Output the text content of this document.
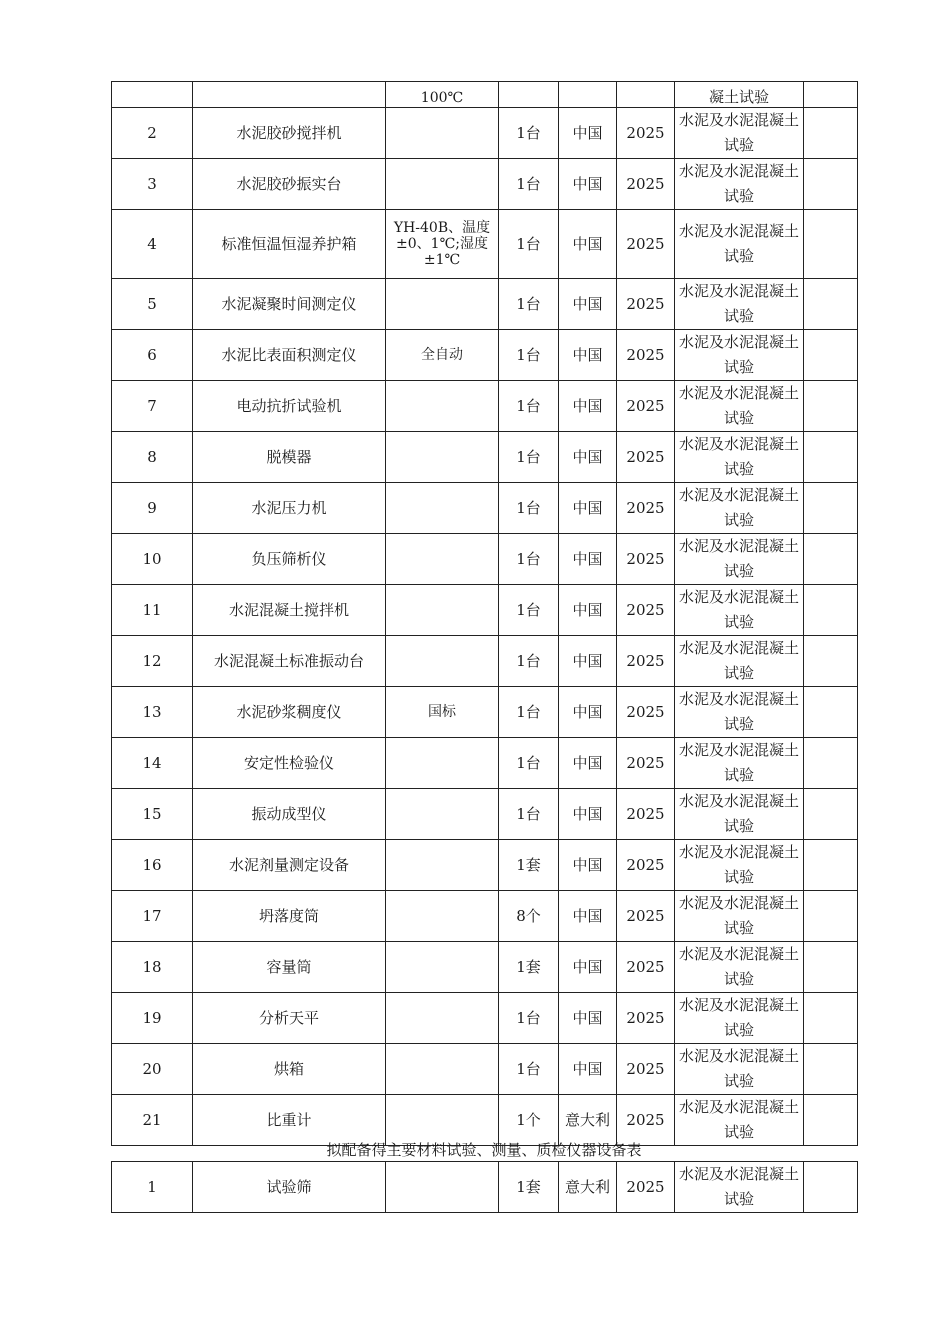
		100℃				凝土试验	
2	水泥胶砂搅拌机		1台	中国	2025	水泥及水泥混凝土试验	
3	水泥胶砂振实台		1台	中国	2025	水泥及水泥混凝土试验	
4	标准恒温恒湿养护箱	YH-40B、温度±0、1℃;湿度±1℃	1台	中国	2025	水泥及水泥混凝土试验	
5	水泥凝聚时间测定仪		1台	中国	2025	水泥及水泥混凝土试验	
6	水泥比表面积测定仪	全自动	1台	中国	2025	水泥及水泥混凝土试验	
7	电动抗折试验机		1台	中国	2025	水泥及水泥混凝土试验	
8	脱模器		1台	中国	2025	水泥及水泥混凝土试验	
9	水泥压力机		1台	中国	2025	水泥及水泥混凝土试验	
10	负压筛析仪		1台	中国	2025	水泥及水泥混凝土试验	
11	水泥混凝土搅拌机		1台	中国	2025	水泥及水泥混凝土试验	
12	水泥混凝土标准振动台		1台	中国	2025	水泥及水泥混凝土试验	
13	水泥砂浆稠度仪	国标	1台	中国	2025	水泥及水泥混凝土试验	
14	安定性检验仪		1台	中国	2025	水泥及水泥混凝土试验	
15	振动成型仪		1台	中国	2025	水泥及水泥混凝土试验	
16	水泥剂量测定设备		1套	中国	2025	水泥及水泥混凝土试验	
17	坍落度筒		8个	中国	2025	水泥及水泥混凝土试验	
18	容量筒		1套	中国	2025	水泥及水泥混凝土试验	
19	分析天平		1台	中国	2025	水泥及水泥混凝土试验	
20	烘箱		1台	中国	2025	水泥及水泥混凝土试验	
21	比重计		1个	意大利	2025	水泥及水泥混凝土试验	
拟配备得主要材料试验、测量、质检仪器设备表
1	试验筛		1套	意大利	2025	水泥及水泥混凝土试验	
